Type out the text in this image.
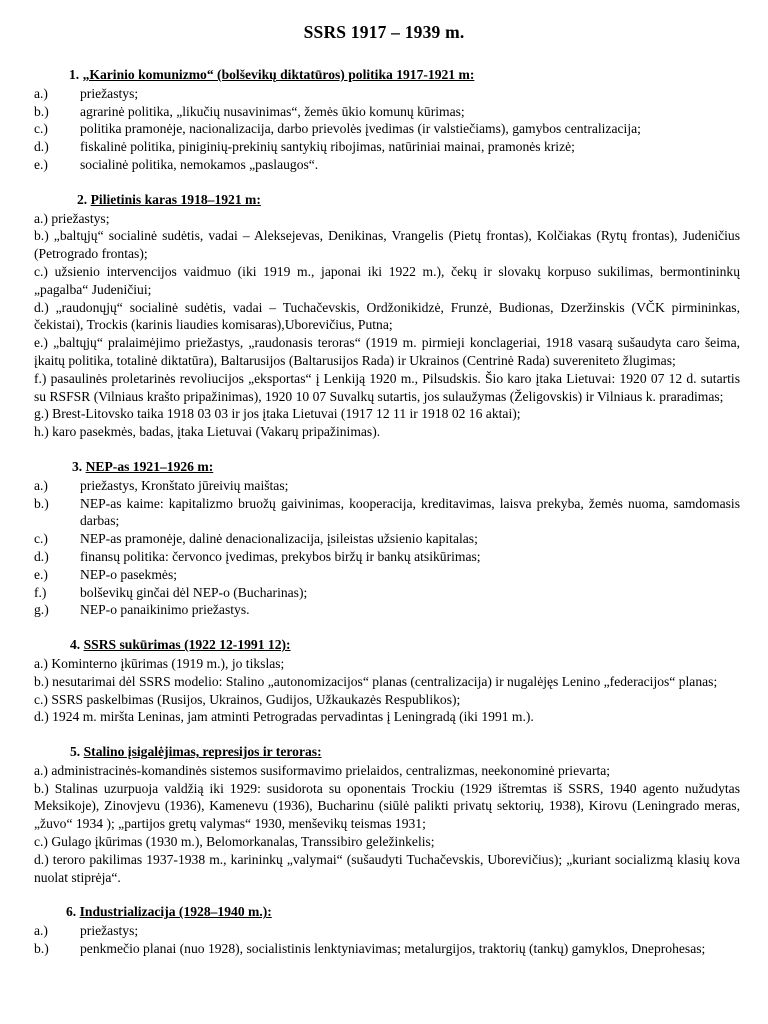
SSRS 1917 – 1939 m.
1. „Karinio komunizmo“ (bolševikų diktatūros) politika 1917-1921 m:
a.)	priežastys;
b.)	agrarinė politika, „likučių nusavinimas“, žemės ūkio komunų kūrimas;
c.)	politika pramonėje, nacionalizacija, darbo prievolės įvedimas (ir valstiečiams), gamybos centralizacija;
d.)	fiskalinė politika, piniginių-prekinių santykių ribojimas, natūriniai mainai, pramonės krizė;
e.)	socialinė politika, nemokamos „paslaugos“.
2. Pilietinis karas 1918–1921 m:
a.) priežastys;
b.) „baltųjų“ socialinė sudėtis, vadai – Aleksejevas, Denikinas, Vrangelis (Pietų frontas), Kolčiakas (Rytų frontas), Judeničius (Petrogrado frontas);
c.) užsienio intervencijos vaidmuo (iki 1919 m., japonai iki 1922 m.), čekų ir slovakų korpuso sukilimas, bermontininkų „pagalba“ Judeničiui;
d.) „raudonųjų“ socialinė sudėtis, vadai – Tuchačevskis, Ordžonikidzė, Frunzė, Budionas, Dzeržinskis (VČK pirmininkas, čekistai), Trockis (karinis liaudies komisaras),Uborevičius, Putna;
e.) „baltųjų“ pralaimėjimo priežastys, „raudonasis teroras“ (1919 m. pirmieji konclageriai, 1918 vasarą sušaudyta caro šeima, įkaitų politika, totalinė diktatūra), Baltarusijos (Baltarusijos Rada) ir Ukrainos (Centrinė Rada) suvereniteto žlugimas;
f.) pasaulinės proletarinės revoliucijos „eksportas“ į Lenkiją 1920 m., Pilsudskis. Šio karo įtaka Lietuvai: 1920 07 12 d. sutartis su RSFSR (Vilniaus krašto pripažinimas), 1920 10 07 Suvalkų sutartis, jos sulaužymas (Želigovskis) ir Vilniaus k. praradimas;
g.) Brest-Litovsko taika 1918 03 03 ir jos įtaka Lietuvai (1917 12 11 ir 1918 02 16 aktai);
h.) karo pasekmės, badas, įtaka Lietuvai (Vakarų pripažinimas).
3. NEP-as 1921–1926 m:
a.)	priežastys, Kronštato jūreivių maištas;
b.)	NEP-as kaime: kapitalizmo bruožų gaivinimas, kooperacija, kreditavimas, laisva prekyba, žemės nuoma, samdomasis darbas;
c.)	NEP-as pramonėje, dalinė denacionalizacija, įsileistas užsienio kapitalas;
d.)	finansų politika: červonco įvedimas, prekybos biržų ir bankų atsikūrimas;
e.)	NEP-o pasekmės;
f.)	bolševikų ginčai dėl NEP-o (Bucharinas);
g.)	NEP-o panaikinimo priežastys.
4. SSRS sukūrimas (1922 12-1991 12):
a.) Kominterno įkūrimas (1919 m.), jo tikslas;
b.) nesutarimai dėl SSRS modelio: Stalino „autonomizacijos“ planas (centralizacija) ir nugalėjęs Lenino „federacijos“ planas;
c.) SSRS paskelbimas (Rusijos, Ukrainos, Gudijos, Užkaukazės Respublikos);
d.) 1924 m. miršta Leninas, jam atminti Petrogradas pervadintas į Leningradą (iki 1991 m.).
5. Stalino įsigalėjimas, represijos ir teroras:
a.) administracinės-komandinės sistemos susiformavimo prielaidos, centralizmas, neekonominė prievarta;
b.) Stalinas uzurpuoja valdžią iki 1929: susidorota su oponentais Trockiu (1929 ištremtas iš SSRS, 1940 agento nužudytas Meksikoje), Zinovjevu (1936), Kamenevu (1936), Bucharinu (siūlė palikti privatų sektorių, 1938), Kirovu (Leningrado meras, „žuvo“ 1934 ); „partijos gretų valymas“ 1930, menševikų teismas 1931;
c.) Gulago įkūrimas (1930 m.), Belomorkanalas, Transsibiro geležinkelis;
d.) teroro pakilimas 1937-1938 m., karininkų „valymai“ (sušaudyti Tuchačevskis, Uborevičius); „kuriant socializmą klasių kova nuolat stiprėja“.
6. Industrializacija (1928–1940 m.):
a.)	priežastys;
b.)	penkmečio planai (nuo 1928), socialistinis lenktyniavimas; metalurgijos, traktorių (tankų) gamyklos, Dneprohesas;
